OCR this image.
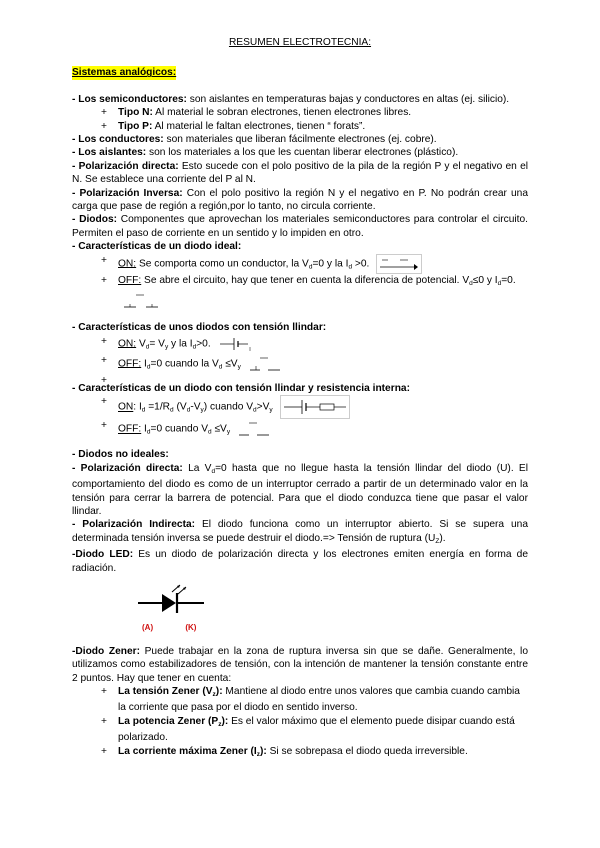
RESUMEN ELECTROTECNIA:
Sistemas analógicos:

- Los semiconductores: son aislantes en temperaturas bajas y conductores en altas (ej. silicio).

+ Tipo N: Al material le sobran electrones, tienen electrones libres.
+ Tipo P: Al material le faltan electrones, tienen “ forats”.

- Los conductores: son materiales que liberan fácilmente electrones (ej. cobre).

- Los aislantes: son los materiales a los que les cuentan liberar electrones (plástico).

- Polarización directa: Esto sucede con el polo positivo de la pila de la región P y el negativo en el N. Se establece una corriente del P al N.

- Polarización Inversa: Con el polo positivo la región N y el negativo en P. No podrán crear una carga que pase de región a región,por lo tanto, no circula corriente.

- Diodos: Componentes que aprovechan los materiales semiconductores para controlar el circuito. Permiten el paso de corriente en un sentido y lo impiden en otro.

- Características de un diodo ideal:

+ ON: Se comporta como un conductor, la $V_d=0$ y la $I_d >0$.
+ OFF: Se abre el circuito, hay que tener en cuenta la diferencia de potencial. $V_d\le 0$ y $I_d=0$.

- Características de unos diodos con tensión llindar:

+ ON: $V_d= V_y$ y la $I_d>0$.
+ OFF: $I_d=0$ cuando la $V_d \le V_y$
+

- Características de un diodo con tensión llindar y resistencia interna:

+ ON: $I_d =1/R_d$ $(V_d-V_y)$ cuando $V_d>V_y$
+ OFF: $I_d=0$ cuando $V_d \le V_y$

- Diodos no ideales:

- Polarización directa: La $V_d=0$ hasta que no llegue hasta la tensión llindar del diodo (U). El comportamiento del diodo es como de un interruptor cerrado a partir de un determinado valor en la tensión para cerrar la barrera de potencial. Para que el diodo conduzca tiene que pasar el valor llindar.

- Polarización Indirecta: El diodo funciona como un interruptor abierto. Si se supera una determinada tensión inversa se puede destruir el diodo.=> Tensión de ruptura $(U_Z)$.

-Diodo LED: Es un diodo de polarización directa y los electrones emiten energía en forma de radiación.

(A)	(K)

-Diodo Zener: Puede trabajar en la zona de ruptura inversa sin que se dañe. Generalmente, lo utilizamos como estabilizadores de tensión, con la intención de mantener la tensión constante entre 2 puntos. Hay que tener en cuenta:

+ La tensión Zener $(V_z)$: Mantiene al diodo entre unos valores que cambia cuando cambia la corriente que pasa por el diodo en sentido inverso.
+ La potencia Zener $(P_z)$: Es el valor máximo que el elemento puede disipar cuando está polarizado.
+ La corriente máxima Zener $(I_z)$: Si se sobrepasa el diodo queda irreversible.
